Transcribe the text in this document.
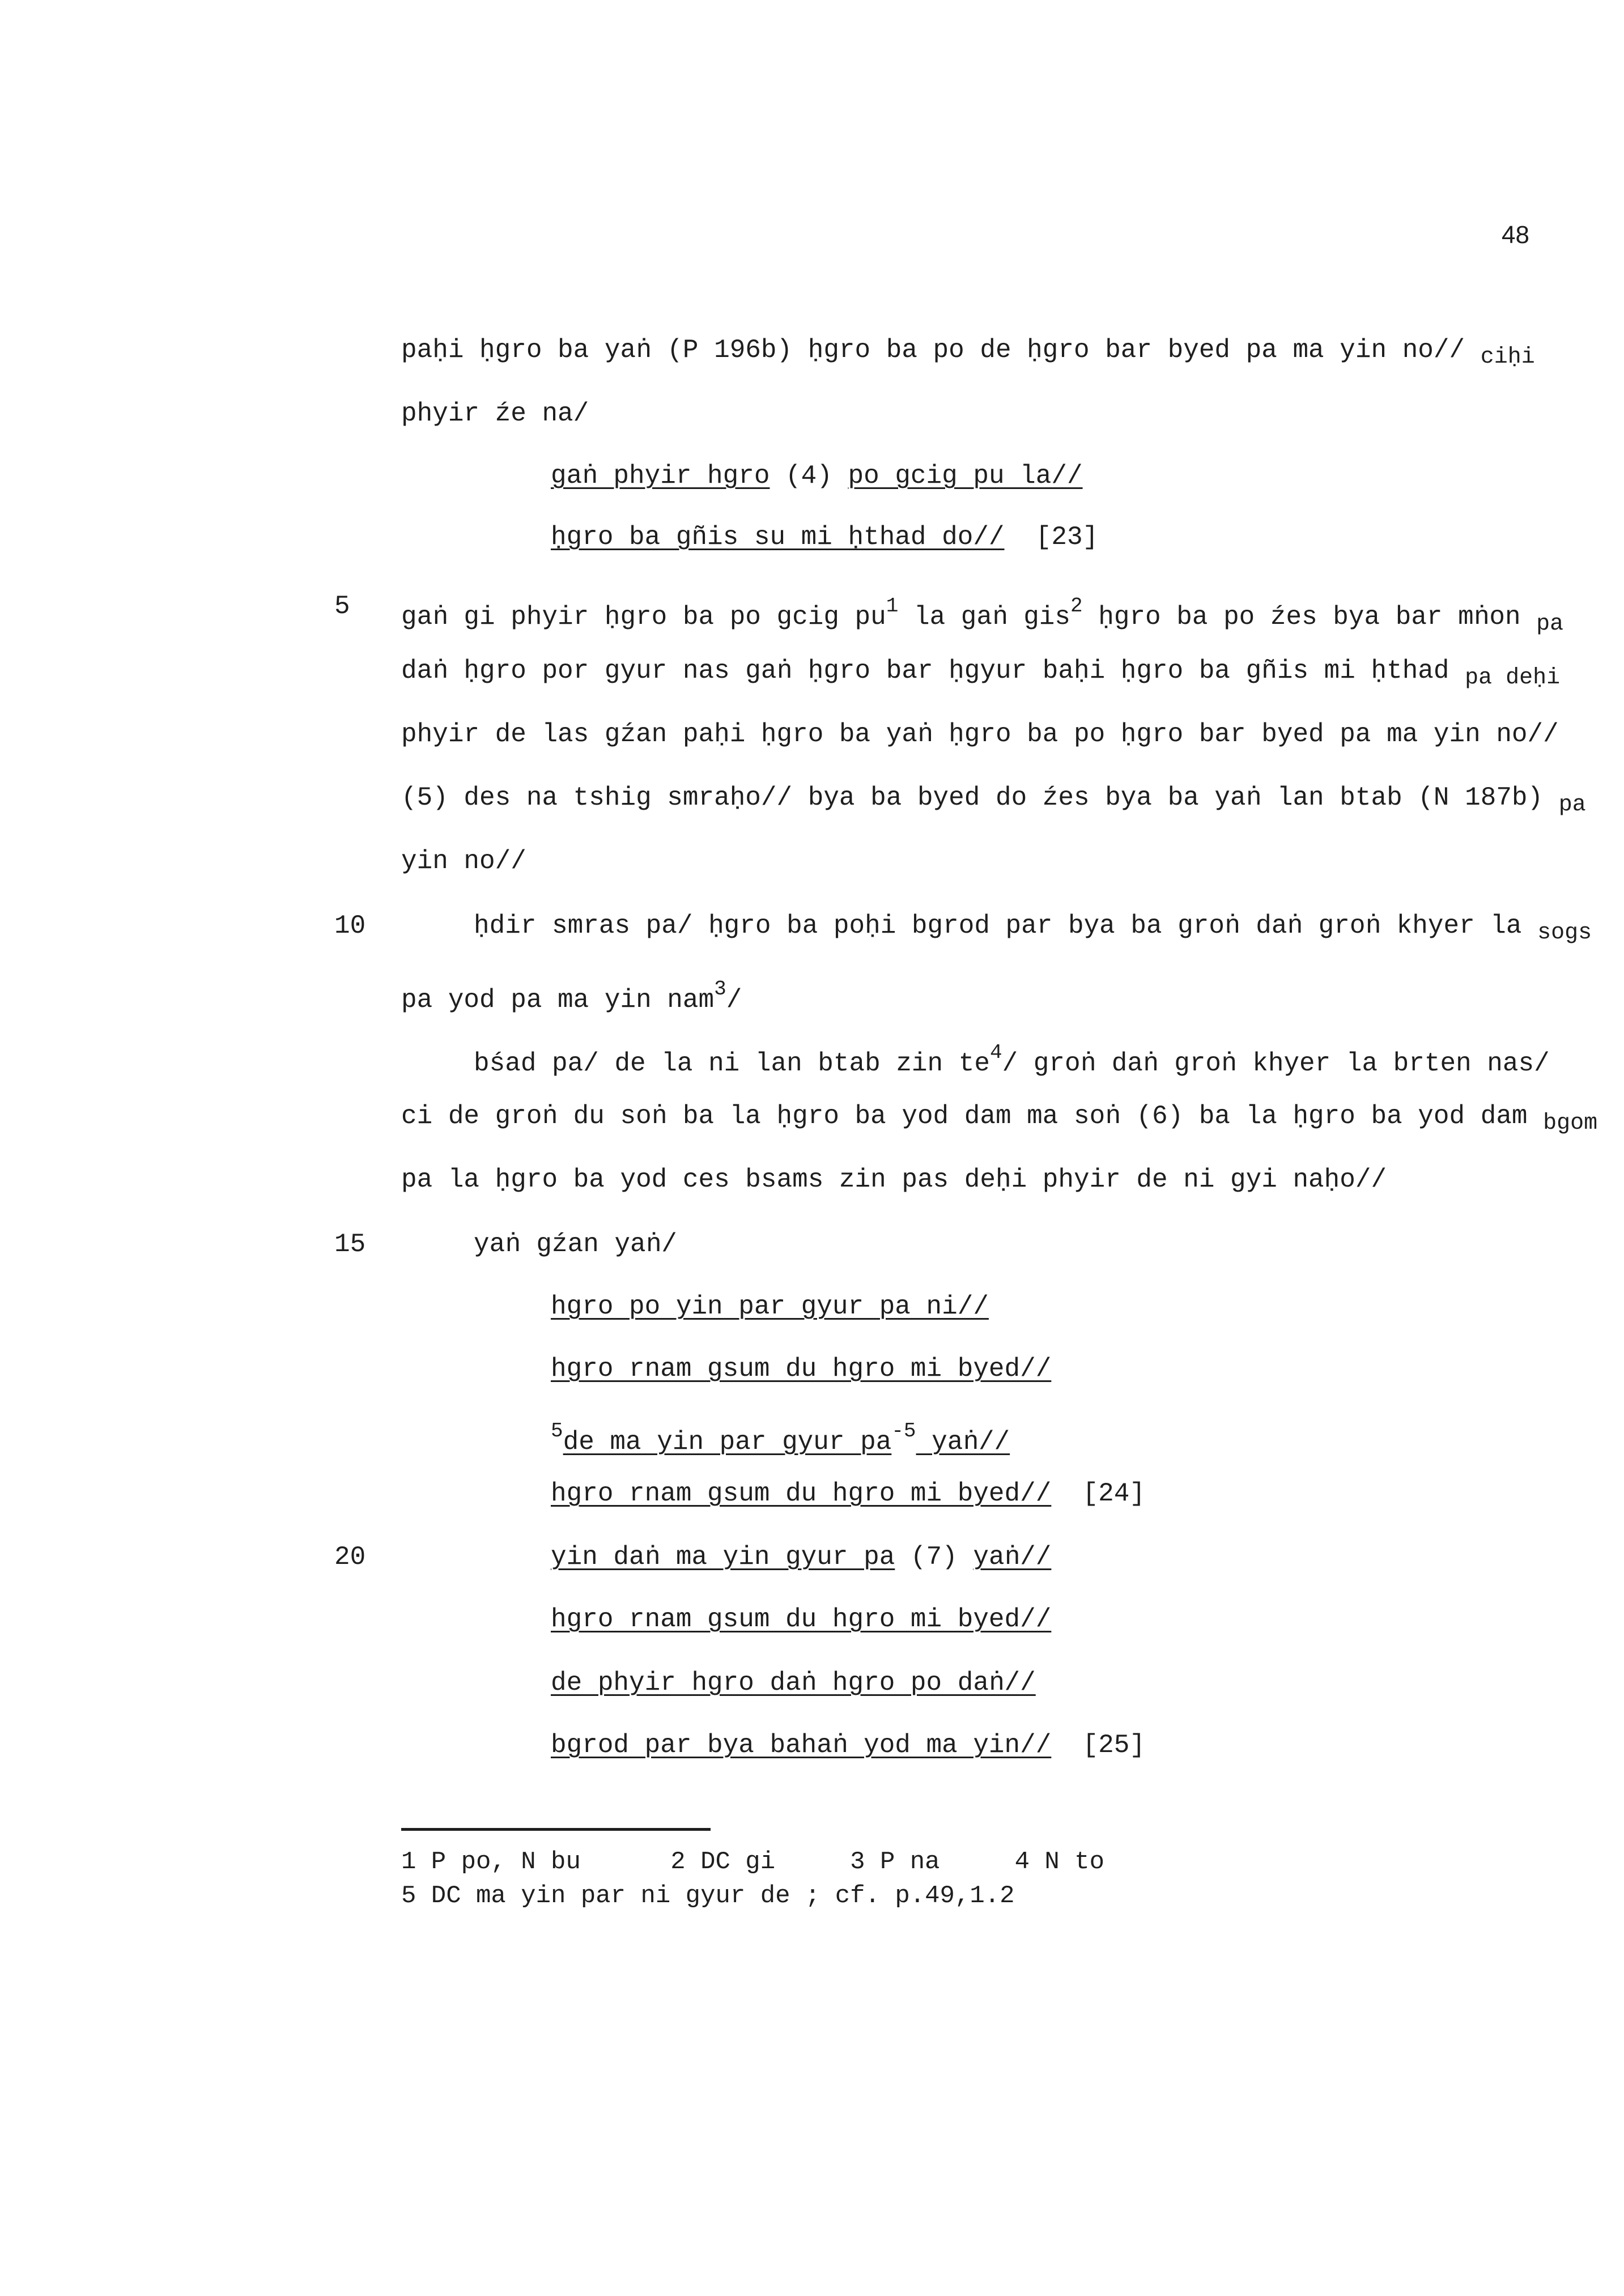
48
paḥi ḥgro ba yaṅ (P 196b) ḥgro ba po de ḥgro bar byed pa ma yin no// ciḥi
phyir źe na/
gaṅ phyir hgro (4) po gcig pu la//
ḥgro ba gñis su mi ḥthad do//  [23]
5 gaṅ gi phyir ḥgro ba po gcig $pu^1$ la gaṅ gis$^2$ ḥgro ba po źes bya bar mṅon pa
daṅ ḥgro por gyur nas gaṅ ḥgro bar ḥgyur baḥi ḥgro ba gñis mi ḥthad pa deḥi
phyir de las gźan paḥi ḥgro ba yaṅ ḥgro ba po ḥgro bar byed pa ma yin no//
(5) des na tshig smraḥo// bya ba byed do źes bya ba yaṅ lan btab (N 187b) pa
yin no//
10	ḥdir smras pa/ ḥgro ba poḥi bgrod par bya ba groṅ daṅ groṅ khyer la sogs
pa yod pa ma yin nam$^3$/
bśad pa/ de la ni lan btab zin $te^4/$ groṅ daṅ groṅ khyer la brten nas/
ci de groṅ du soṅ ba la ḥgro ba yod dam ma soṅ (6) ba la ḥgro ba yod dam bgom
pa la ḥgro ba yod ces bsams zin pas deḥi phyir de ni gyi naḥo//
15	yaṅ gźan yaṅ/
hgro po yin par gyur pa ni//
hgro rnam gsum du hgro mi byed//
$^5$de ma yin par gyur $pa^{-5}$ yaṅ//
hgro rnam gsum du hgro mi byed//  [24]
20	yin daṅ ma yin gyur pa (7) yaṅ//
hgro rnam gsum du hgro mi byed//
de phyir hgro daṅ hgro po daṅ//
bgrod par bya bahaṅ yod ma yin//  [25]
1 P po, N bu      2 DC gi     3 P na     4 N to
5 DC ma yin par ni gyur de ; cf. p.49,1.2
